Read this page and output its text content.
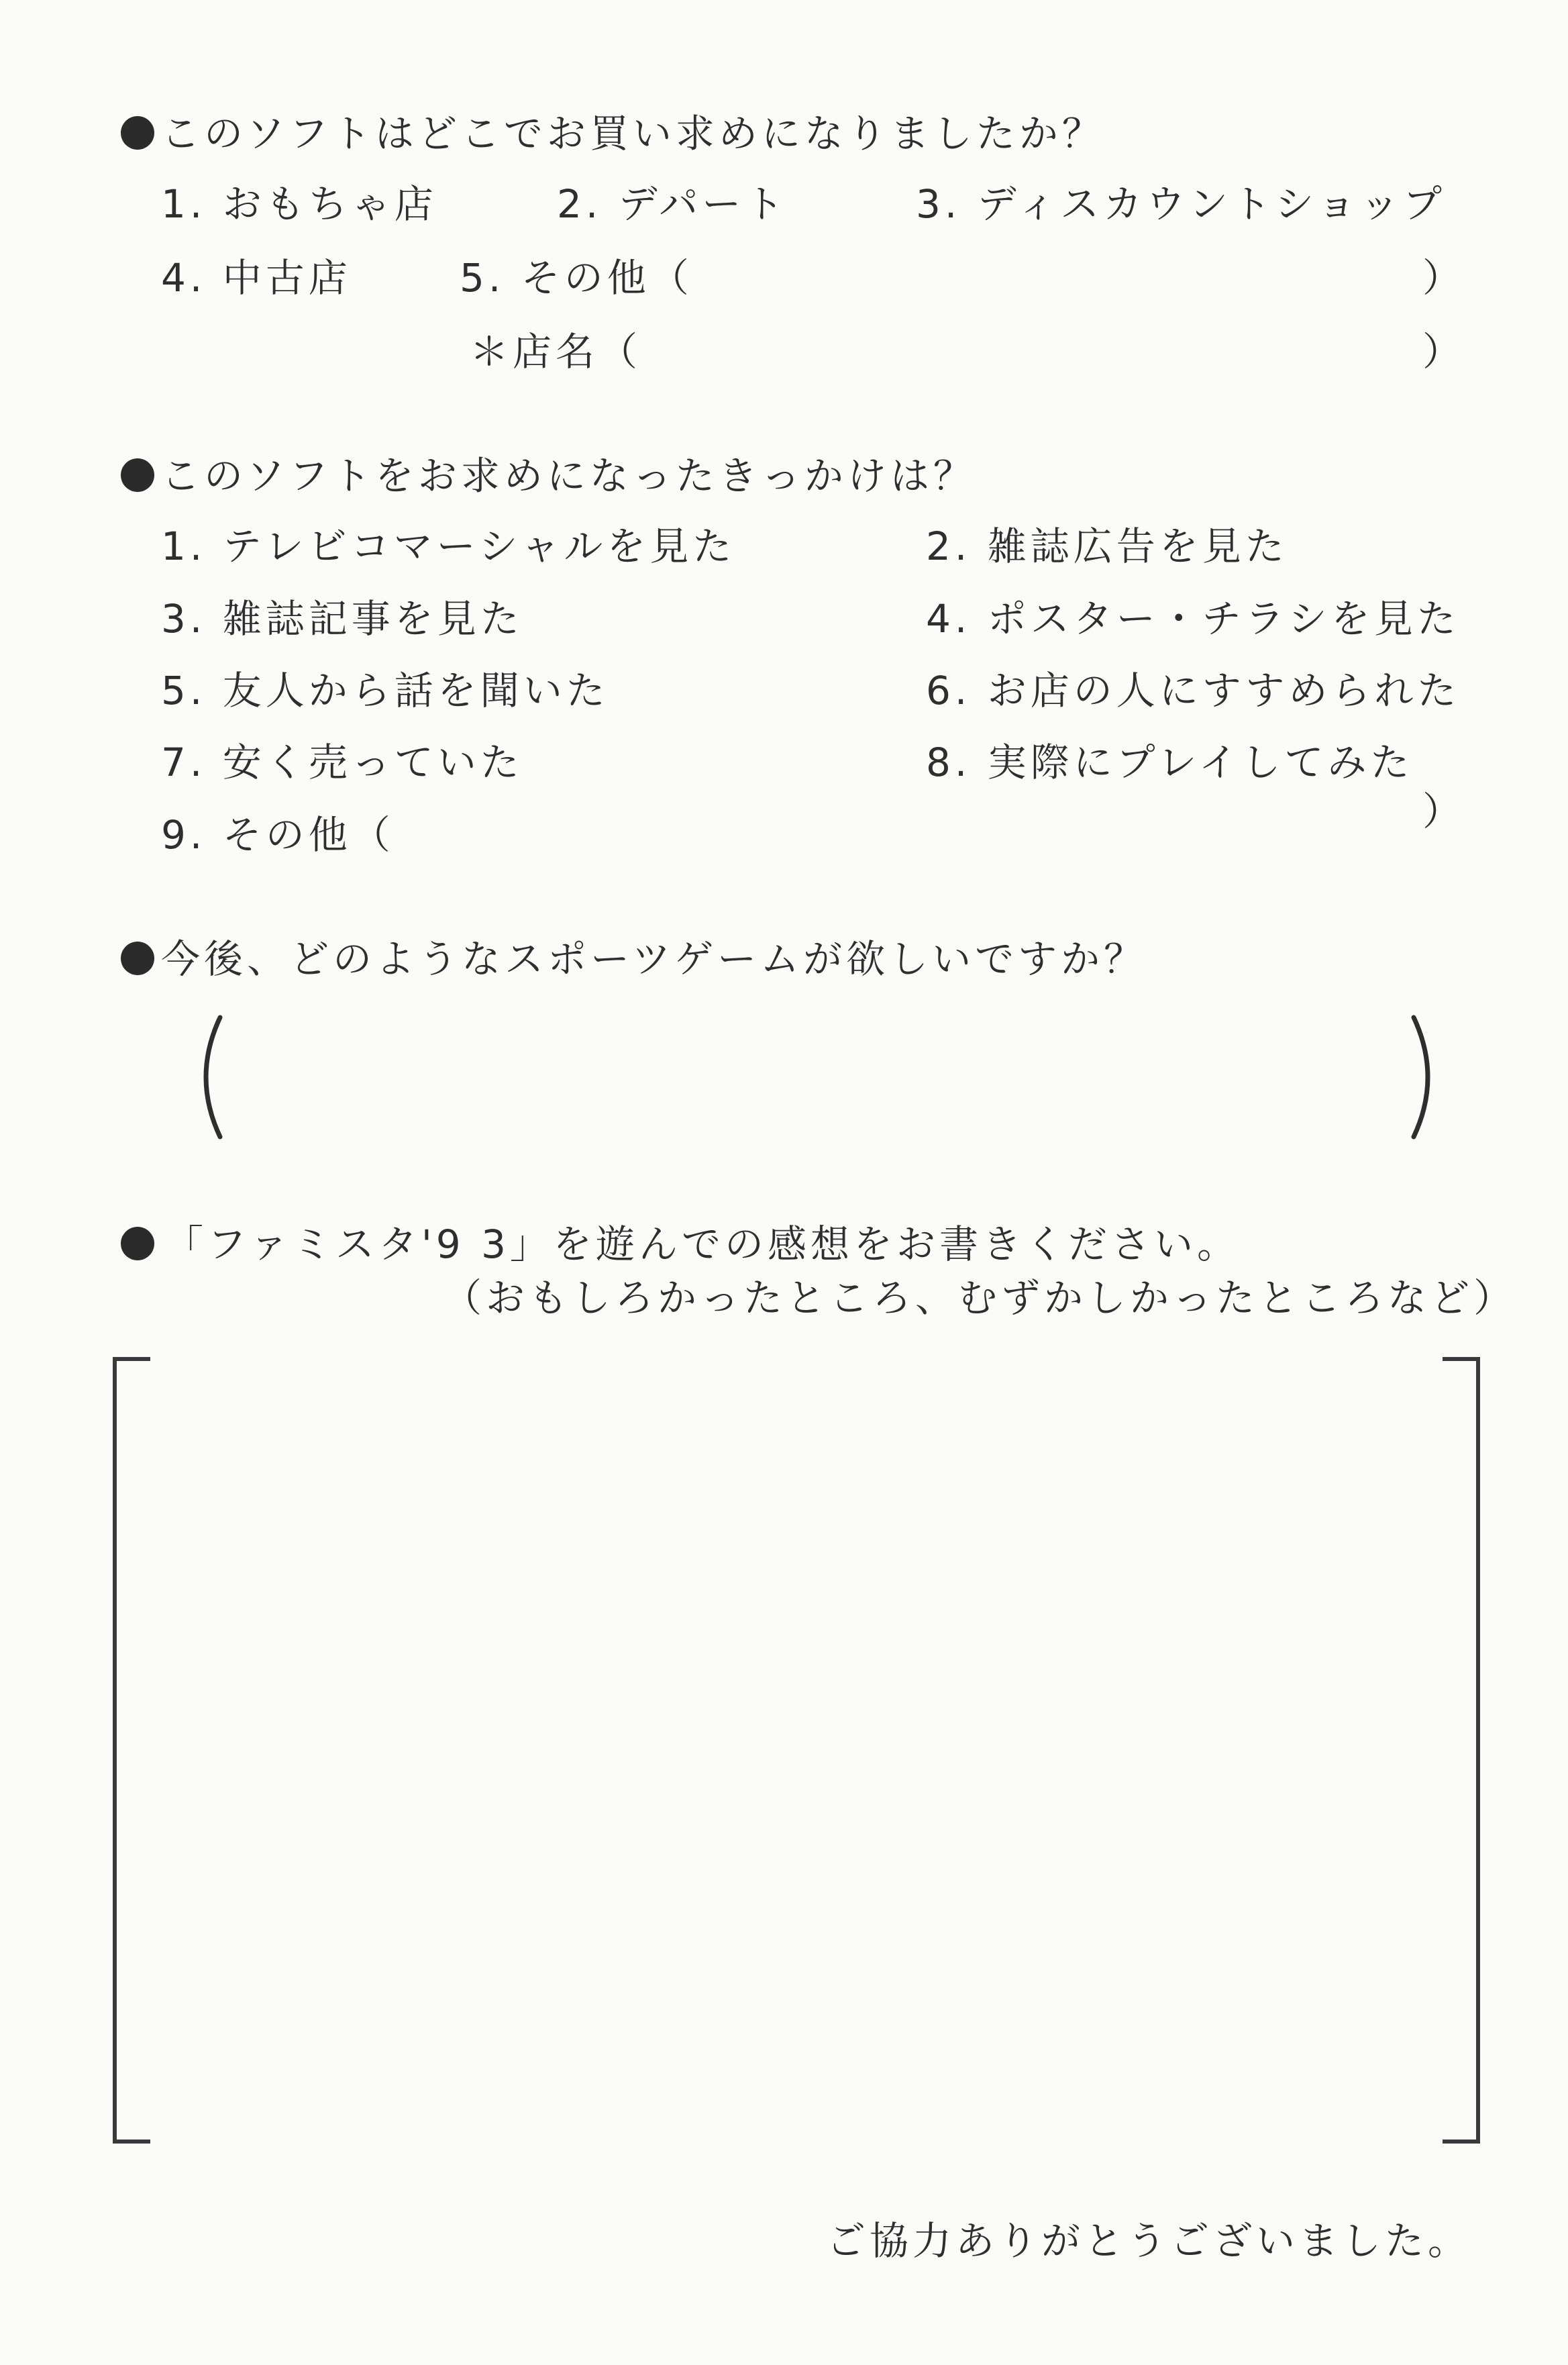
このソフトはどこでお買い求めになりましたか？
1. おもちゃ店	2. デパート	3. ディスカウントショップ
4. 中古店	5. その他（	）
＊店名（	）
このソフトをお求めになったきっかけは？
1. テレビコマーシャルを見た	2. 雑誌広告を見た
3. 雑誌記事を見た	4. ポスター・チラシを見た
5. 友人から話を聞いた	6. お店の人にすすめられた
7. 安く売っていた	8. 実際にプレイしてみた
9. その他（
）
今後、どのようなスポーツゲームが欲しいですか？
「ファミスタ'9 3」を遊んでの感想をお書きください。
（おもしろかったところ、むずかしかったところなど）
ご協力ありがとうございました。
